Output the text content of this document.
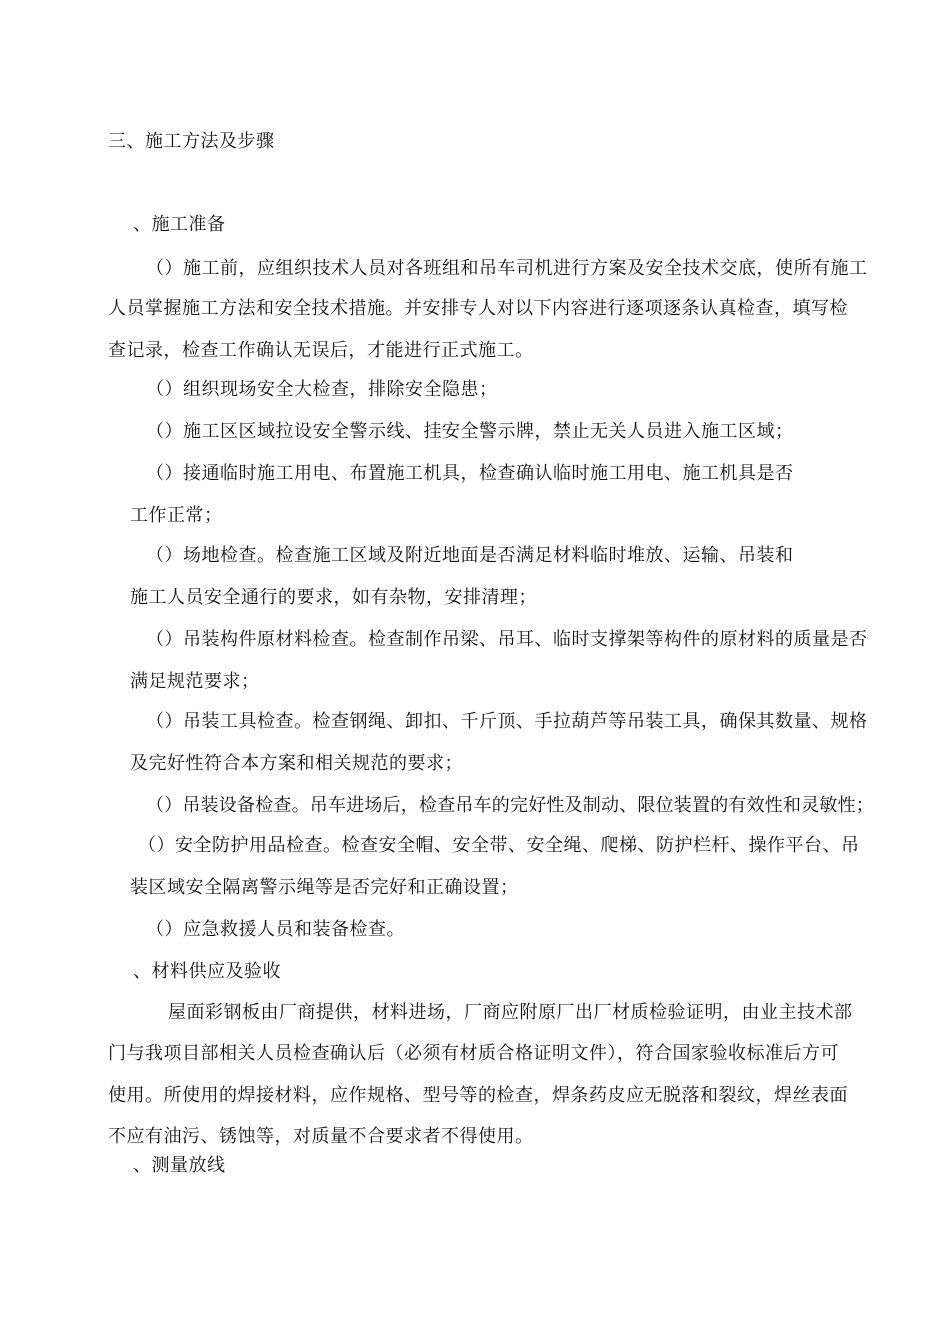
三、施工方法及步骤
、施工准备
（）施工前，应组织技术人员对各班组和吊车司机进行方案及安全技术交底，使所有施工
人员掌握施工方法和安全技术措施。并安排专人对以下内容进行逐项逐条认真检查，填写检
查记录，检查工作确认无误后，才能进行正式施工。
（）组织现场安全大检查，排除安全隐患；
（）施工区区域拉设安全警示线、挂安全警示牌，禁止无关人员进入施工区域；
（）接通临时施工用电、布置施工机具，检查确认临时施工用电、施工机具是否
工作正常；
（）场地检查。检查施工区域及附近地面是否满足材料临时堆放、运输、吊装和
施工人员安全通行的要求，如有杂物，安排清理；
（）吊装构件原材料检查。检查制作吊梁、吊耳、临时支撑架等构件的原材料的质量是否
满足规范要求；
（）吊装工具检查。检查钢绳、卸扣、千斤顶、手拉葫芦等吊装工具，确保其数量、规格
及完好性符合本方案和相关规范的要求；
（）吊装设备检查。吊车进场后，检查吊车的完好性及制动、限位装置的有效性和灵敏性；
（）安全防护用品检查。检查安全帽、安全带、安全绳、爬梯、防护栏杆、操作平台、吊
装区域安全隔离警示绳等是否完好和正确设置；
（）应急救援人员和装备检查。
、材料供应及验收
屋面彩钢板由厂商提供，材料进场，厂商应附原厂出厂材质检验证明，由业主技术部
门与我项目部相关人员检查确认后（必须有材质合格证明文件），符合国家验收标准后方可
使用。所使用的焊接材料，应作规格、型号等的检查，焊条药皮应无脱落和裂纹，焊丝表面
不应有油污、锈蚀等，对质量不合要求者不得使用。
、测量放线
